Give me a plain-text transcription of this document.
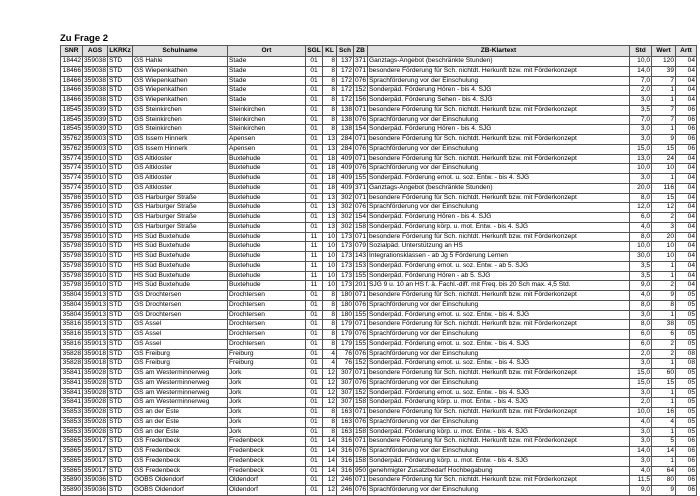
Zu Frage 2
SNR	AGS	LKRKz	Schulname	Ort	SGL	KL	Sch	ZB	ZB-Klartext	Std	Wert	Artt
18442	359038	STD	GS Hahle	Stade	01	8	137	371	Ganztags-Angebot (beschränkte Stunden)	10,0	120	04
18466	359038	STD	GS Wiepenkathen	Stade	01	8	172	071	besondere Förderung für Sch. nichtdt. Herkunft bzw. mit Förderkonzept	14,0	39	04
18466	359038	STD	GS Wiepenkathen	Stade	01	8	172	076	Sprachförderung vor der Einschulung	7,0	7	04
18466	359038	STD	GS Wiepenkathen	Stade	01	8	172	152	Sonderpäd. Förderung Hören - bis 4. SJG	2,0	1	04
18466	359038	STD	GS Wiepenkathen	Stade	01	8	172	156	Sonderpäd. Förderung Sehen - bis 4. SJG	3,0	1	04
18545	359039	STD	GS Steinkirchen	Steinkirchen	01	8	138	071	besondere Förderung für Sch. nichtdt. Herkunft bzw. mit Förderkonzept	3,5	7	06
18545	359039	STD	GS Steinkirchen	Steinkirchen	01	8	138	076	Sprachförderung vor der Einschulung	7,0	7	06
18545	359039	STD	GS Steinkirchen	Steinkirchen	01	8	138	154	Sonderpäd. Förderung Hören - bis 4. SJG	3,0	1	06
35762	359003	STD	GS Issem Hinnerk	Apensen	01	13	284	071	besondere Förderung für Sch. nichtdt. Herkunft bzw. mit Förderkonzept	3,0	9	06
35762	359003	STD	GS Issem Hinnerk	Apensen	01	13	284	076	Sprachförderung vor der Einschulung	15,0	15	06
35774	359010	STD	GS Altkloster	Buxtehude	01	18	409	071	besondere Förderung für Sch. nichtdt. Herkunft bzw. mit Förderkonzept	13,0	24	04
35774	359010	STD	GS Altkloster	Buxtehude	01	18	409	076	Sprachförderung vor der Einschulung	10,0	10	04
35774	359010	STD	GS Altkloster	Buxtehude	01	18	409	155	Sonderpäd. Förderung emot. u. soz. Entw. - bis 4. SJG	3,0	1	04
35774	359010	STD	GS Altkloster	Buxtehude	01	18	409	371	Ganztags-Angebot (beschränkte Stunden)	20,0	116	04
35786	359010	STD	GS Harburger Straße	Buxtehude	01	13	302	071	besondere Förderung für Sch. nichtdt. Herkunft bzw. mit Förderkonzept	8,0	15	04
35786	359010	STD	GS Harburger Straße	Buxtehude	01	13	302	076	Sprachförderung vor der Einschulung	12,0	12	04
35786	359010	STD	GS Harburger Straße	Buxtehude	01	13	302	154	Sonderpäd. Förderung Hören - bis 4. SJG	6,0	2	04
35786	359010	STD	GS Harburger Straße	Buxtehude	01	13	302	158	Sonderpäd. Förderung körp. u. mot. Entw. - bis 4. SJG	4,0	3	04
35798	359010	STD	HS Süd Buxtehude	Buxtehude	11	10	173	071	besondere Förderung für Sch. nichtdt. Herkunft bzw. mit Förderkonzept	8,0	20	04
35798	359010	STD	HS Süd Buxtehude	Buxtehude	11	10	173	079	Sozialpäd. Unterstützung an HS	10,0	10	04
35798	359010	STD	HS Süd Buxtehude	Buxtehude	11	10	173	143	Integrationsklassen - ab Jg 5 Förderung Lernen	30,0	10	04
35798	359010	STD	HS Süd Buxtehude	Buxtehude	11	10	173	153	Sonderpäd. Förderung emot. u. soz. Entw. - ab 5. SJG	3,5	1	04
35798	359010	STD	HS Süd Buxtehude	Buxtehude	11	10	173	155	Sonderpäd. Förderung Hören - ab 5. SJG	3,5	1	04
35798	359010	STD	HS Süd Buxtehude	Buxtehude	11	10	173	201	SJG 9 u. 10 an HS f. ä. Fachl.-diff. mit Freq. bis 20 Sch max. 4,5 Std.	9,0	2	04
35804	359013	STD	GS Drochtersen	Drochtersen	01	8	180	071	besondere Förderung für Sch. nichtdt. Herkunft bzw. mit Förderkonzept	4,0	9	05
35804	359013	STD	GS Drochtersen	Drochtersen	01	8	180	076	Sprachförderung vor der Einschulung	8,0	8	05
35804	359013	STD	GS Drochtersen	Drochtersen	01	8	180	155	Sonderpäd. Förderung emot. u. soz. Entw. - bis 4. SJG	3,0	1	05
35816	359013	STD	GS Assel	Drochtersen	01	8	179	071	besondere Förderung für Sch. nichtdt. Herkunft bzw. mit Förderkonzept	8,0	38	05
35816	359013	STD	GS Assel	Drochtersen	01	8	179	076	Sprachförderung vor der Einschulung	6,0	6	05
35816	359013	STD	GS Assel	Drochtersen	01	8	179	155	Sonderpäd. Förderung emot. u. soz. Entw. - bis 4. SJG	6,0	2	05
35828	359018	STD	GS Freiburg	Freiburg	01	4	76	076	Sprachförderung vor der Einschulung	2,0	2	08
35828	359018	STD	GS Freiburg	Freiburg	01	4	76	152	Sonderpäd. Förderung emot. u. soz. Entw. - bis 4. SJG	3,0	1	08
35841	359028	STD	GS am Westerminnerweg	Jork	01	12	307	071	besondere Förderung für Sch. nichtdt. Herkunft bzw. mit Förderkonzept	15,0	60	05
35841	359028	STD	GS am Westerminnerweg	Jork	01	12	307	076	Sprachförderung vor der Einschulung	15,0	15	05
35841	359028	STD	GS am Westerminnerweg	Jork	01	12	307	152	Sonderpäd. Förderung emot. u. soz. Entw. - bis 4. SJG	3,0	1	05
35841	359028	STD	GS am Westerminnerweg	Jork	01	12	307	158	Sonderpäd. Förderung körp. u. mot. Entw. - bis 4. SJG	2,0	1	05
35853	359028	STD	GS an der Este	Jork	01	8	163	071	besondere Förderung für Sch. nichtdt. Herkunft bzw. mit Förderkonzept	10,0	16	05
35853	359028	STD	GS an der Este	Jork	01	8	163	076	Sprachförderung vor der Einschulung	4,0	4	05
35853	359028	STD	GS an der Este	Jork	01	8	163	158	Sonderpäd. Förderung körp. u. mot. Entw. - bis 4. SJG	3,0	1	05
35865	359017	STD	GS Fredenbeck	Fredenbeck	01	14	316	071	besondere Förderung für Sch. nichtdt. Herkunft bzw. mit Förderkonzept	3,0	5	06
35865	359017	STD	GS Fredenbeck	Fredenbeck	01	14	316	076	Sprachförderung vor der Einschulung	14,0	14	06
35865	359017	STD	GS Fredenbeck	Fredenbeck	01	14	316	158	Sonderpäd. Förderung körp. u. mot. Entw. - bis 4. SJG	3,0	1	06
35865	359017	STD	GS Fredenbeck	Fredenbeck	01	14	316	950	genehmigter Zusatzbedarf Hochbegabung	4,0	64	06
35890	359036	STD	GOBS Oldendorf	Oldendorf	01	12	246	071	besondere Förderung für Sch. nichtdt. Herkunft bzw. mit Förderkonzept	11,5	80	06
35890	359036	STD	GOBS Oldendorf	Oldendorf	01	12	246	076	Sprachförderung vor der Einschulung	9,0	9	06
